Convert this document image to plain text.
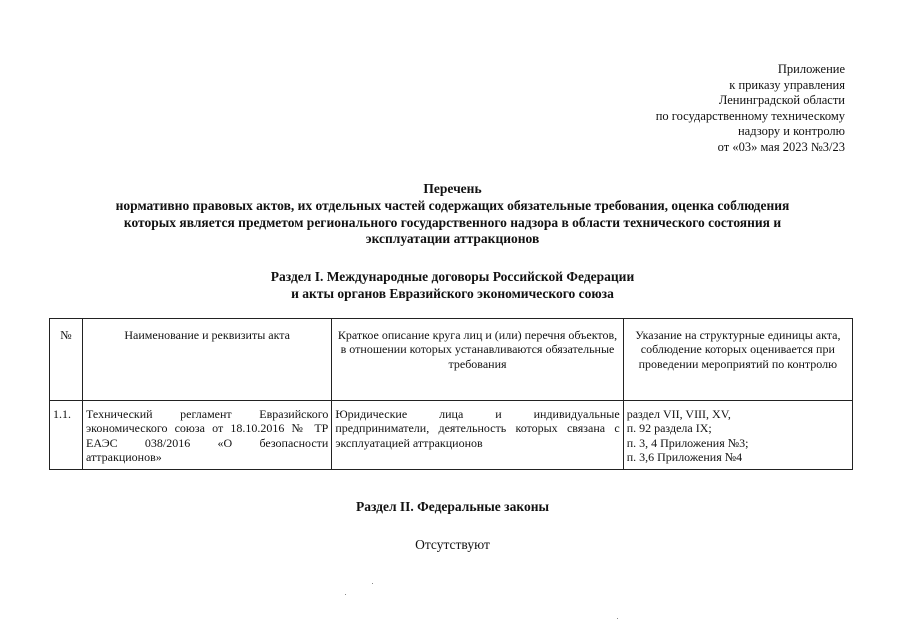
Приложение
к приказу управления
Ленинградской области
по государственному техническому
надзору и контролю
от «03» мая 2023 №3/23
Перечень
нормативно правовых актов, их отдельных частей содержащих обязательные требования, оценка соблюдения
которых является предметом регионального государственного надзора в области технического состояния и
эксплуатации аттракционов
Раздел I. Международные договоры Российской Федерации
и акты органов Евразийского экономического союза
№	Наименование и реквизиты акта	Краткое описание круга лиц и (или) перечня объектов, в отношении которых устанавливаются обязательные требования	Указание на структурные единицы акта, соблюдение которых оценивается при проведении мероприятий по контролю
1.1.	Технический регламент Евразийского экономического союза от 18.10.2016 № ТР ЕАЭС 038/2016 «О безопасности аттракционов»	Юридические лица и индивидуальные предприниматели, деятельность которых связана с эксплуатацией аттракционов	раздел VII, VIII, XV,
п. 92 раздела IX;
п. 3, 4 Приложения №3;
п. 3,6 Приложения №4
Раздел II. Федеральные законы
Отсутствуют
